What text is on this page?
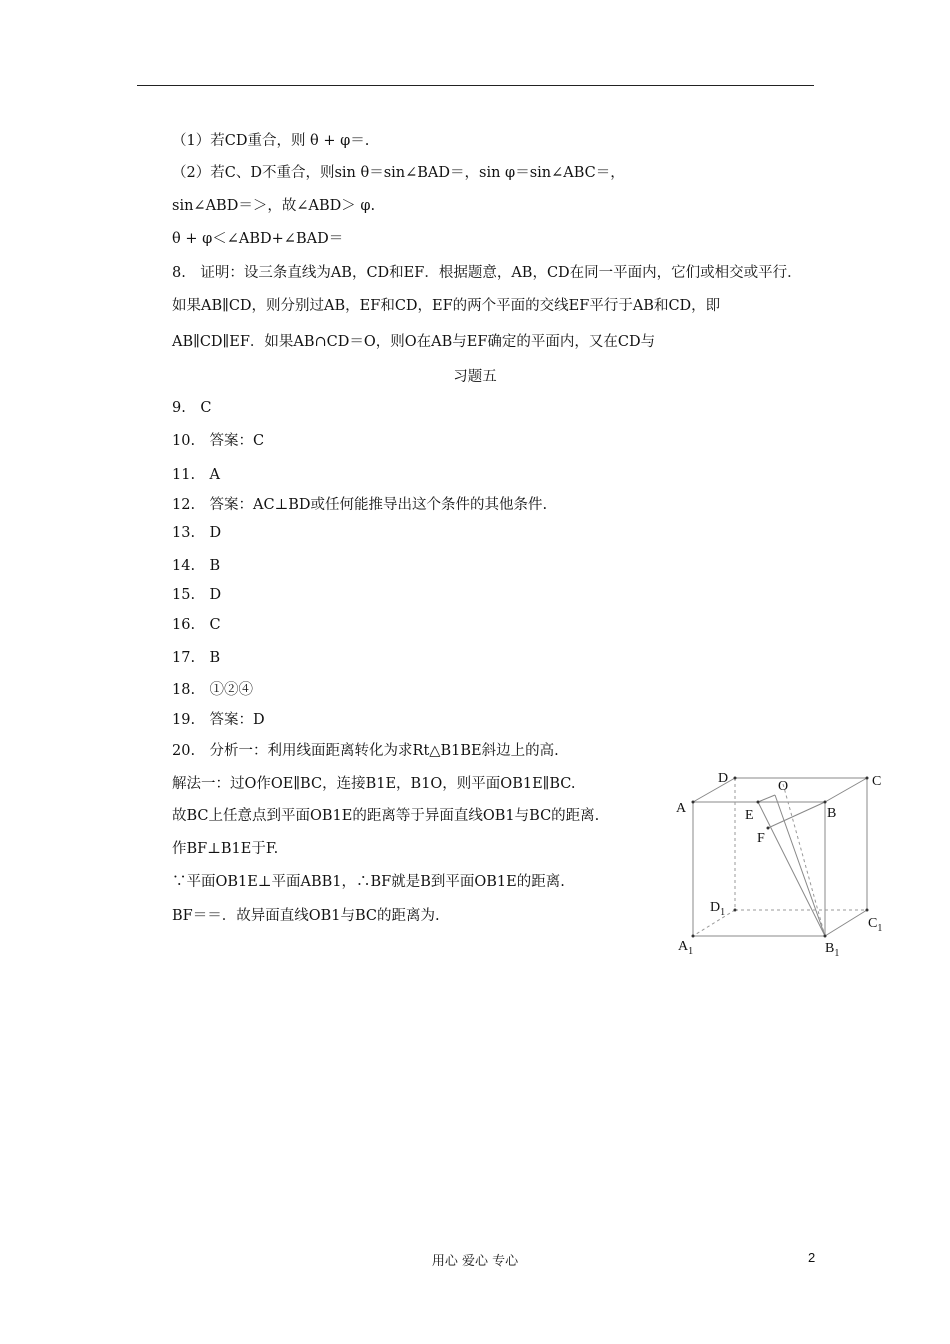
（1）若CD重合，则 θ + φ＝.
（2）若C、D不重合，则sin θ＝sin∠BAD＝，sin φ＝sin∠ABC＝，
sin∠ABD＝＞，故∠ABD＞ φ.
θ + φ＜∠ABD+∠BAD＝
8.　证明：设三条直线为AB，CD和EF．根据题意，AB，CD在同一平面内，它们或相交或平行．
如果AB∥CD，则分别过AB，EF和CD，EF的两个平面的交线EF平行于AB和CD，即
AB∥CD∥EF．如果AB∩CD＝O，则O在AB与EF确定的平面内，又在CD与
习题五
9.　C
10.　答案：C
11.　A
12.　答案：AC⊥BD或任何能推导出这个条件的其他条件.
13.　D
14.　B
15.　D
16.　C
17.　B
18.　①②④
19.　答案：D
20.　分析一：利用线面距离转化为求Rt△B1BE斜边上的高.
解法一：过O作OE∥BC，连接B1E，B1O，则平面OB1E∥BC.
故BC上任意点到平面OB1E的距离等于异面直线OB1与BC的距离.
作BF⊥B1E于F.
∵平面OB1E⊥平面ABB1，∴BF就是B到平面OB1E的距离.
BF＝＝．故异面直线OB1与BC的距离为.
D
O	C
A	E	B
F
$D_1$
$C_1$
$A_1$	$B_1$
用心 爱心 专心	2
